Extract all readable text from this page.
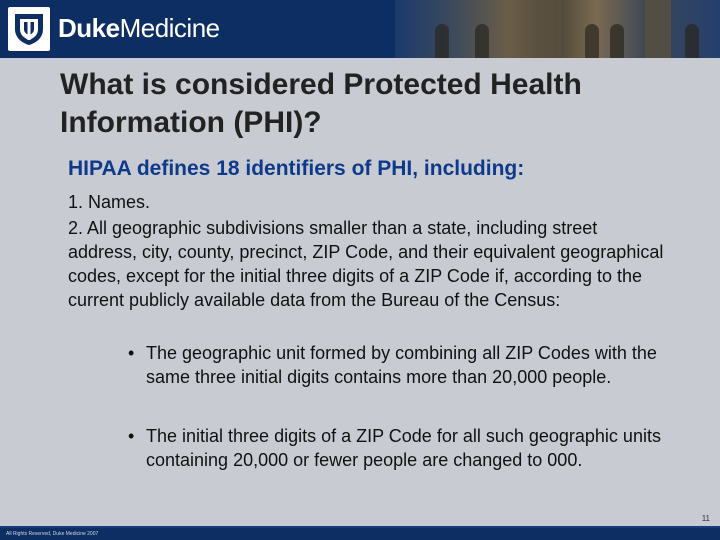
DukeMedicine
What is considered Protected Health Information (PHI)?
HIPAA defines 18 identifiers of PHI, including:
1. Names.
2. All geographic subdivisions smaller than a state, including street address, city, county, precinct, ZIP Code, and their equivalent geographical codes, except for the initial three digits of a ZIP Code if, according to the current publicly available data from the Bureau of the Census:
• The geographic unit formed by combining all ZIP Codes with the same three initial digits contains more than 20,000 people.
• The initial three digits of a ZIP Code for all such geographic units containing 20,000 or fewer people are changed to 000.
11
All Rights Reserved, Duke Medicine 2007
